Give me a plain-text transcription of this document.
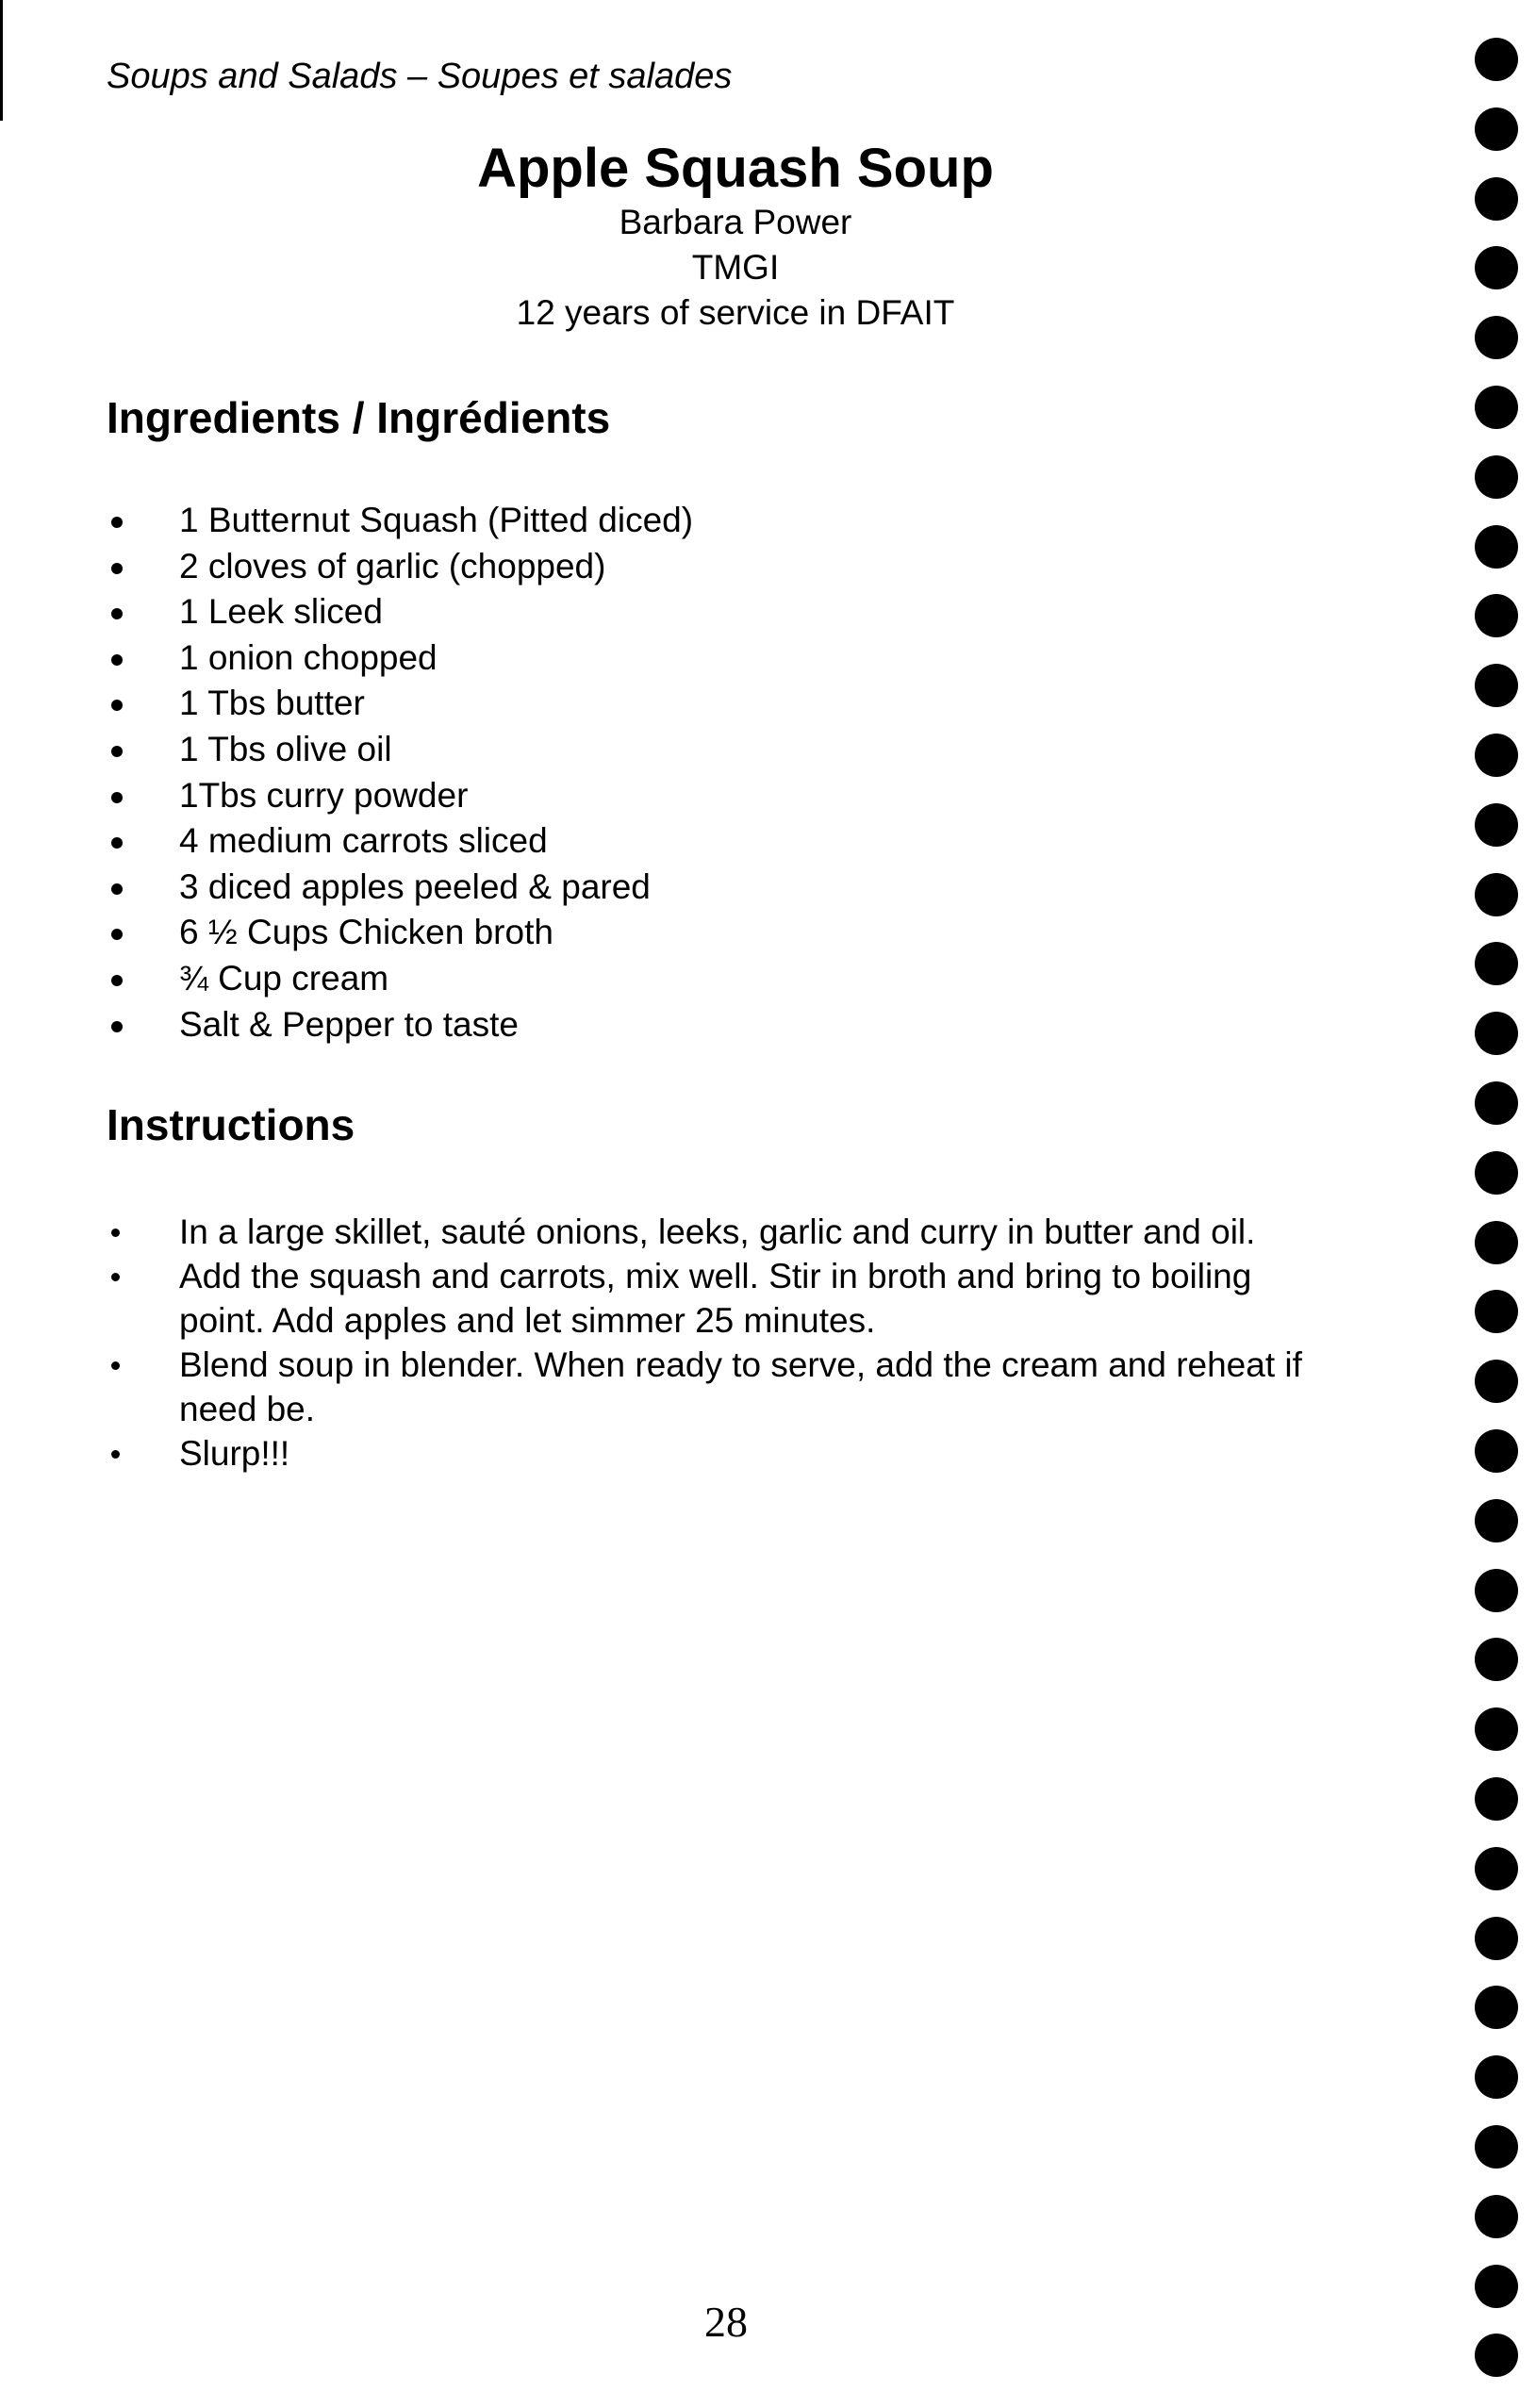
Soups and Salads – Soupes et salades

Apple Squash Soup

Barbara Power

TMGI

12 years of service in DFAIT

Ingredients / Ingrédients
1 Butternut Squash (Pitted diced)
2 cloves of garlic (chopped)
1 Leek sliced
1 onion chopped
1 Tbs butter
1 Tbs olive oil
1Tbs curry powder
4 medium carrots sliced
3 diced apples peeled & pared
6 ½ Cups Chicken broth
¾ Cup cream
Salt & Pepper to taste
Instructions
In a large skillet, sauté onions, leeks, garlic and curry in butter and oil.
Add the squash and carrots, mix well. Stir in broth and bring to boiling point. Add apples and let simmer 25 minutes.
Blend soup in blender. When ready to serve, add the cream and reheat if need be.
Slurp!!!
28
